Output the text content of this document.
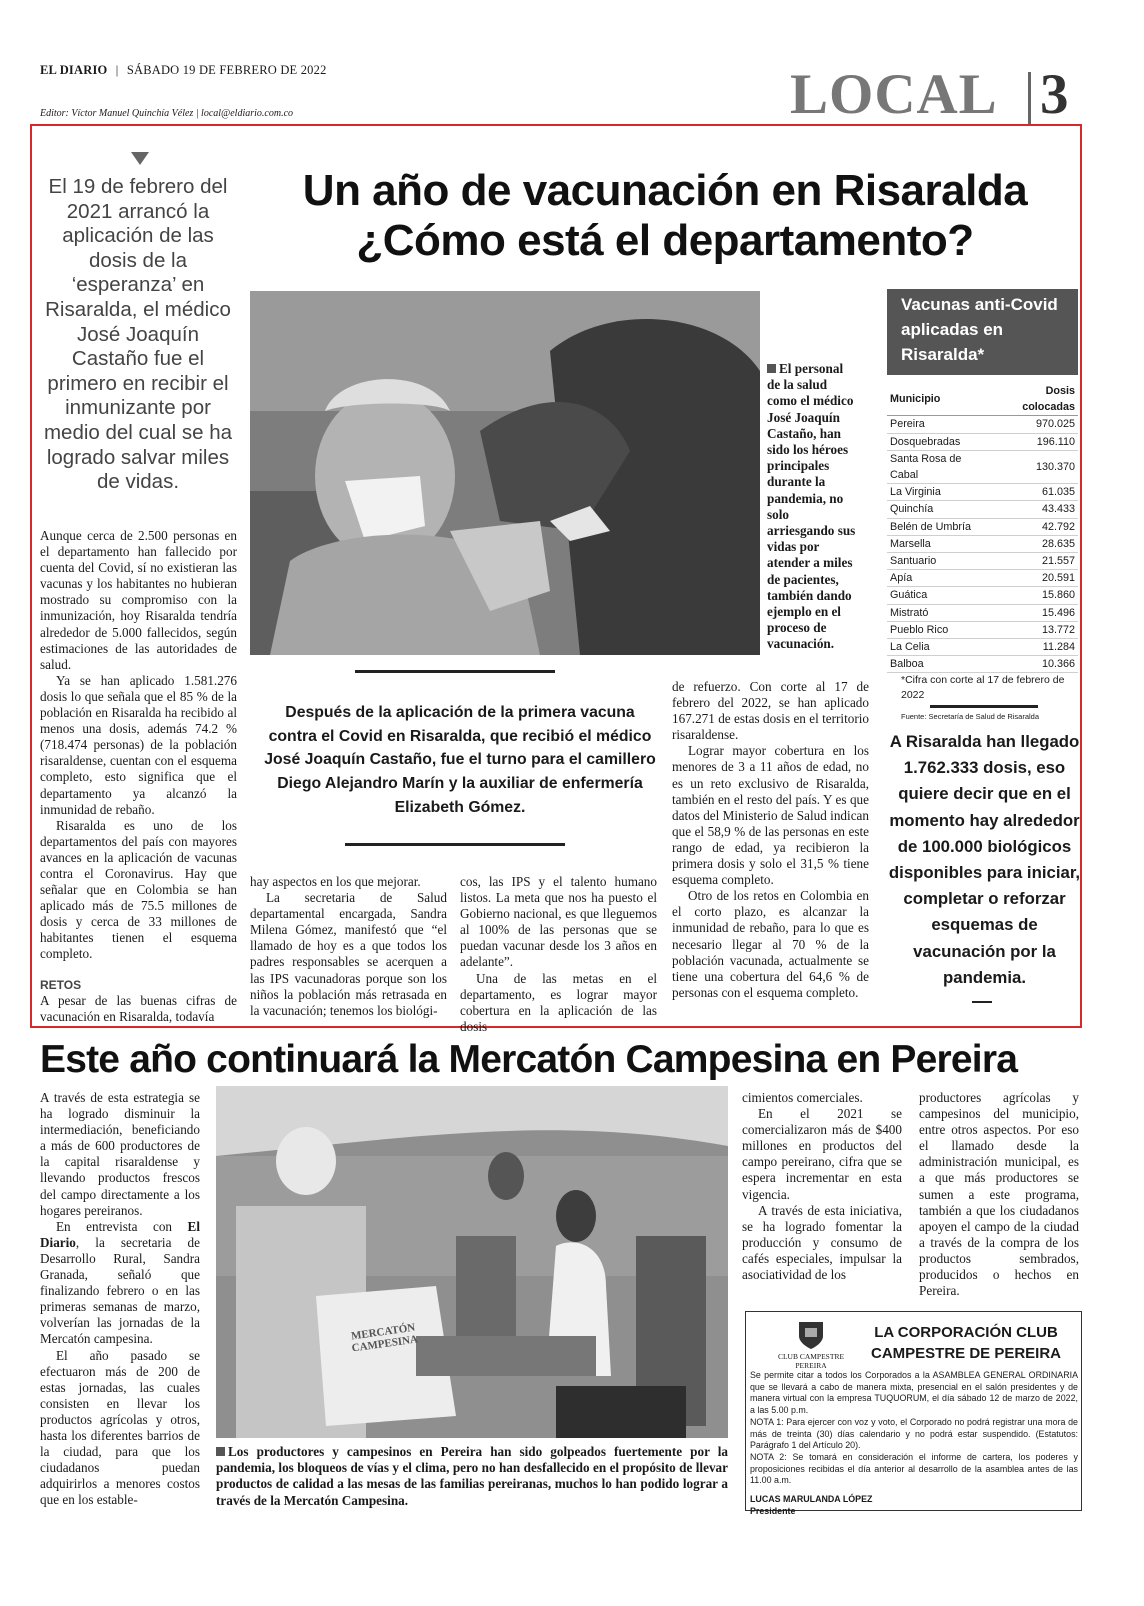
EL DIARIO | SÁBADO 19 DE FEBRERO DE 2022
Editor: Víctor Manuel Quinchía Vélez | local@eldiario.com.co	LOCAL 3
El 19 de febrero del 2021 arrancó la aplicación de las dosis de la ‘esperanza’ en Risaralda, el médico José Joaquín Castaño fue el primero en recibir el inmunizante por medio del cual se ha logrado salvar miles de vidas.
Un año de vacunación en Risaralda
¿Cómo está el departamento?
El personal de la salud como el médico José Joaquín Castaño, han sido los héroes principales durante la pandemia, no solo arriesgando sus vidas por atender a miles de pacientes, también dando ejemplo en el proceso de vacunación.
Vacunas anti-Covid aplicadas en Risaralda*
Municipio	Dosis colocadas
Pereira	970.025
Dosquebradas	196.110
Santa Rosa de Cabal	130.370
La Virginia	61.035
Quinchía	43.433
Belén de Umbría	42.792
Marsella	28.635
Santuario	21.557
Apía	20.591
Guática	15.860
Mistrató	15.496
Pueblo Rico	13.772
La Celia	11.284
Balboa	10.366
*Cifra con corte al 17 de febrero de 2022
Fuente: Secretaría de Salud de Risaralda

Aunque cerca de 2.500 personas en el departamento han fallecido por cuenta del Covid, sí no existieran las vacunas y los habitantes no hubieran mostrado su compromiso con la inmunización, hoy Risaralda tendría alrededor de 5.000 fallecidos, según estimaciones de las autoridades de salud.

Ya se han aplicado 1.581.276 dosis lo que señala que el 85 % de la población en Risaralda ha recibido al menos una dosis, además 74.2 % (718.474 personas) de la población risaraldense, cuentan con el esquema completo, esto significa que el departamento ya alcanzó la inmunidad de rebaño.

Risaralda es uno de los departamentos del país con mayores avances en la aplicación de vacunas contra el Coronavirus. Hay que señalar que en Colombia se han aplicado más de 75.5 millones de dosis y cerca de 33 millones de habitantes tienen el esquema completo.

RETOS

A pesar de las buenas cifras de vacunación en Risaralda, todavía

Después de la aplicación de la primera vacuna contra el Covid en Risaralda, que recibió el médico José Joaquín Castaño, fue el turno para el camillero Diego Alejandro Marín y la auxiliar de enfermería Elizabeth Gómez.

hay aspectos en los que mejorar.

La secretaria de Salud departamental encargada, Sandra Milena Gómez, manifestó que “el llamado de hoy es a que todos los padres responsables se acerquen a las IPS vacunadoras porque son los niños la población más retrasada en la vacunación; tenemos los biológi-

cos, las IPS y el talento humano listos. La meta que nos ha puesto el Gobierno nacional, es que lleguemos al 100% de las personas que se puedan vacunar desde los 3 años en adelante”.

Una de las metas en el departamento, es lograr mayor cobertura en la aplicación de las dosis

de refuerzo. Con corte al 17 de febrero del 2022, se han aplicado 167.271 de estas dosis en el territorio risaraldense.

Lograr mayor cobertura en los menores de 3 a 11 años de edad, no es un reto exclusivo de Risaralda, también en el resto del país. Y es que datos del Ministerio de Salud indican que el 58,9 % de las personas en este rango de edad, ya recibieron la primera dosis y solo el 31,5 % tiene esquema completo.

Otro de los retos en Colombia en el corto plazo, es alcanzar la inmunidad de rebaño, para lo que es necesario llegar al 70 % de la población vacunada, actualmente se tiene una cobertura del 64,6 % de personas con el esquema completo.

A Risaralda han llegado 1.762.333 dosis, eso quiere decir que en el momento hay alrededor de 100.000 biológicos disponibles para iniciar, completar o reforzar esquemas de vacunación por la pandemia.
Este año continuará la Mercatón Campesina en Pereira

A través de esta estrategia se ha logrado disminuir la intermediación, beneficiando a más de 600 productores de la capital risaraldense y llevando productos frescos del campo directamente a los hogares pereiranos.

En entrevista con El Diario, la secretaria de Desarrollo Rural, Sandra Granada, señaló que finalizando febrero o en las primeras semanas de marzo, volverían las jornadas de la Mercatón campesina.

El año pasado se efectuaron más de 200 de estas jornadas, las cuales consisten en llevar los productos agrícolas y otros, hasta los diferentes barrios de la ciudad, para que los ciudadanos puedan adquirirlos a menores costos que en los estable-

MERCATÓN CAMPESINA
Los productores y campesinos en Pereira han sido golpeados fuertemente por la pandemia, los bloqueos de vías y el clima, pero no han desfallecido en el propósito de llevar productos de calidad a las mesas de las familias pereiranas, muchos lo han podido lograr a través de la Mercatón Campesina.

cimientos comerciales.

En el 2021 se comercializaron más de $400 millones en productos del campo pereirano, cifra que se espera incrementar en esta vigencia.

A través de esta iniciativa, se ha logrado fomentar la producción y consumo de cafés especiales, impulsar la asociatividad de los

productores agrícolas y campesinos del municipio, entre otros aspectos. Por eso el llamado desde la administración municipal, es a que más productores se sumen a este programa, también a que los ciudadanos apoyen el campo de la ciudad a través de la compra de los productos sembrados, producidos o hechos en Pereira.

CLUB CAMPESTRE
PEREIRA
LA CORPORACIÓN CLUB
CAMPESTRE DE PEREIRA
Se permite citar a todos los Corporados a la ASAMBLEA GENERAL ORDINARIA que se llevará a cabo de manera mixta, presencial en el salón presidentes y de manera virtual con la empresa TUQUORUM, el día sábado 12 de marzo de 2022, a las 5.00 p.m.
NOTA 1: Para ejercer con voz y voto, el Corporado no podrá registrar una mora de más de treinta (30) días calendario y no podrá estar suspendido. (Estatutos: Parágrafo 1 del Artículo 20).
NOTA 2: Se tomará en consideración el informe de cartera, los poderes y proposiciones recibidas el día anterior al desarrollo de la asamblea antes de las 11.00 a.m.
LUCAS MARULANDA LÓPEZ
Presidente
